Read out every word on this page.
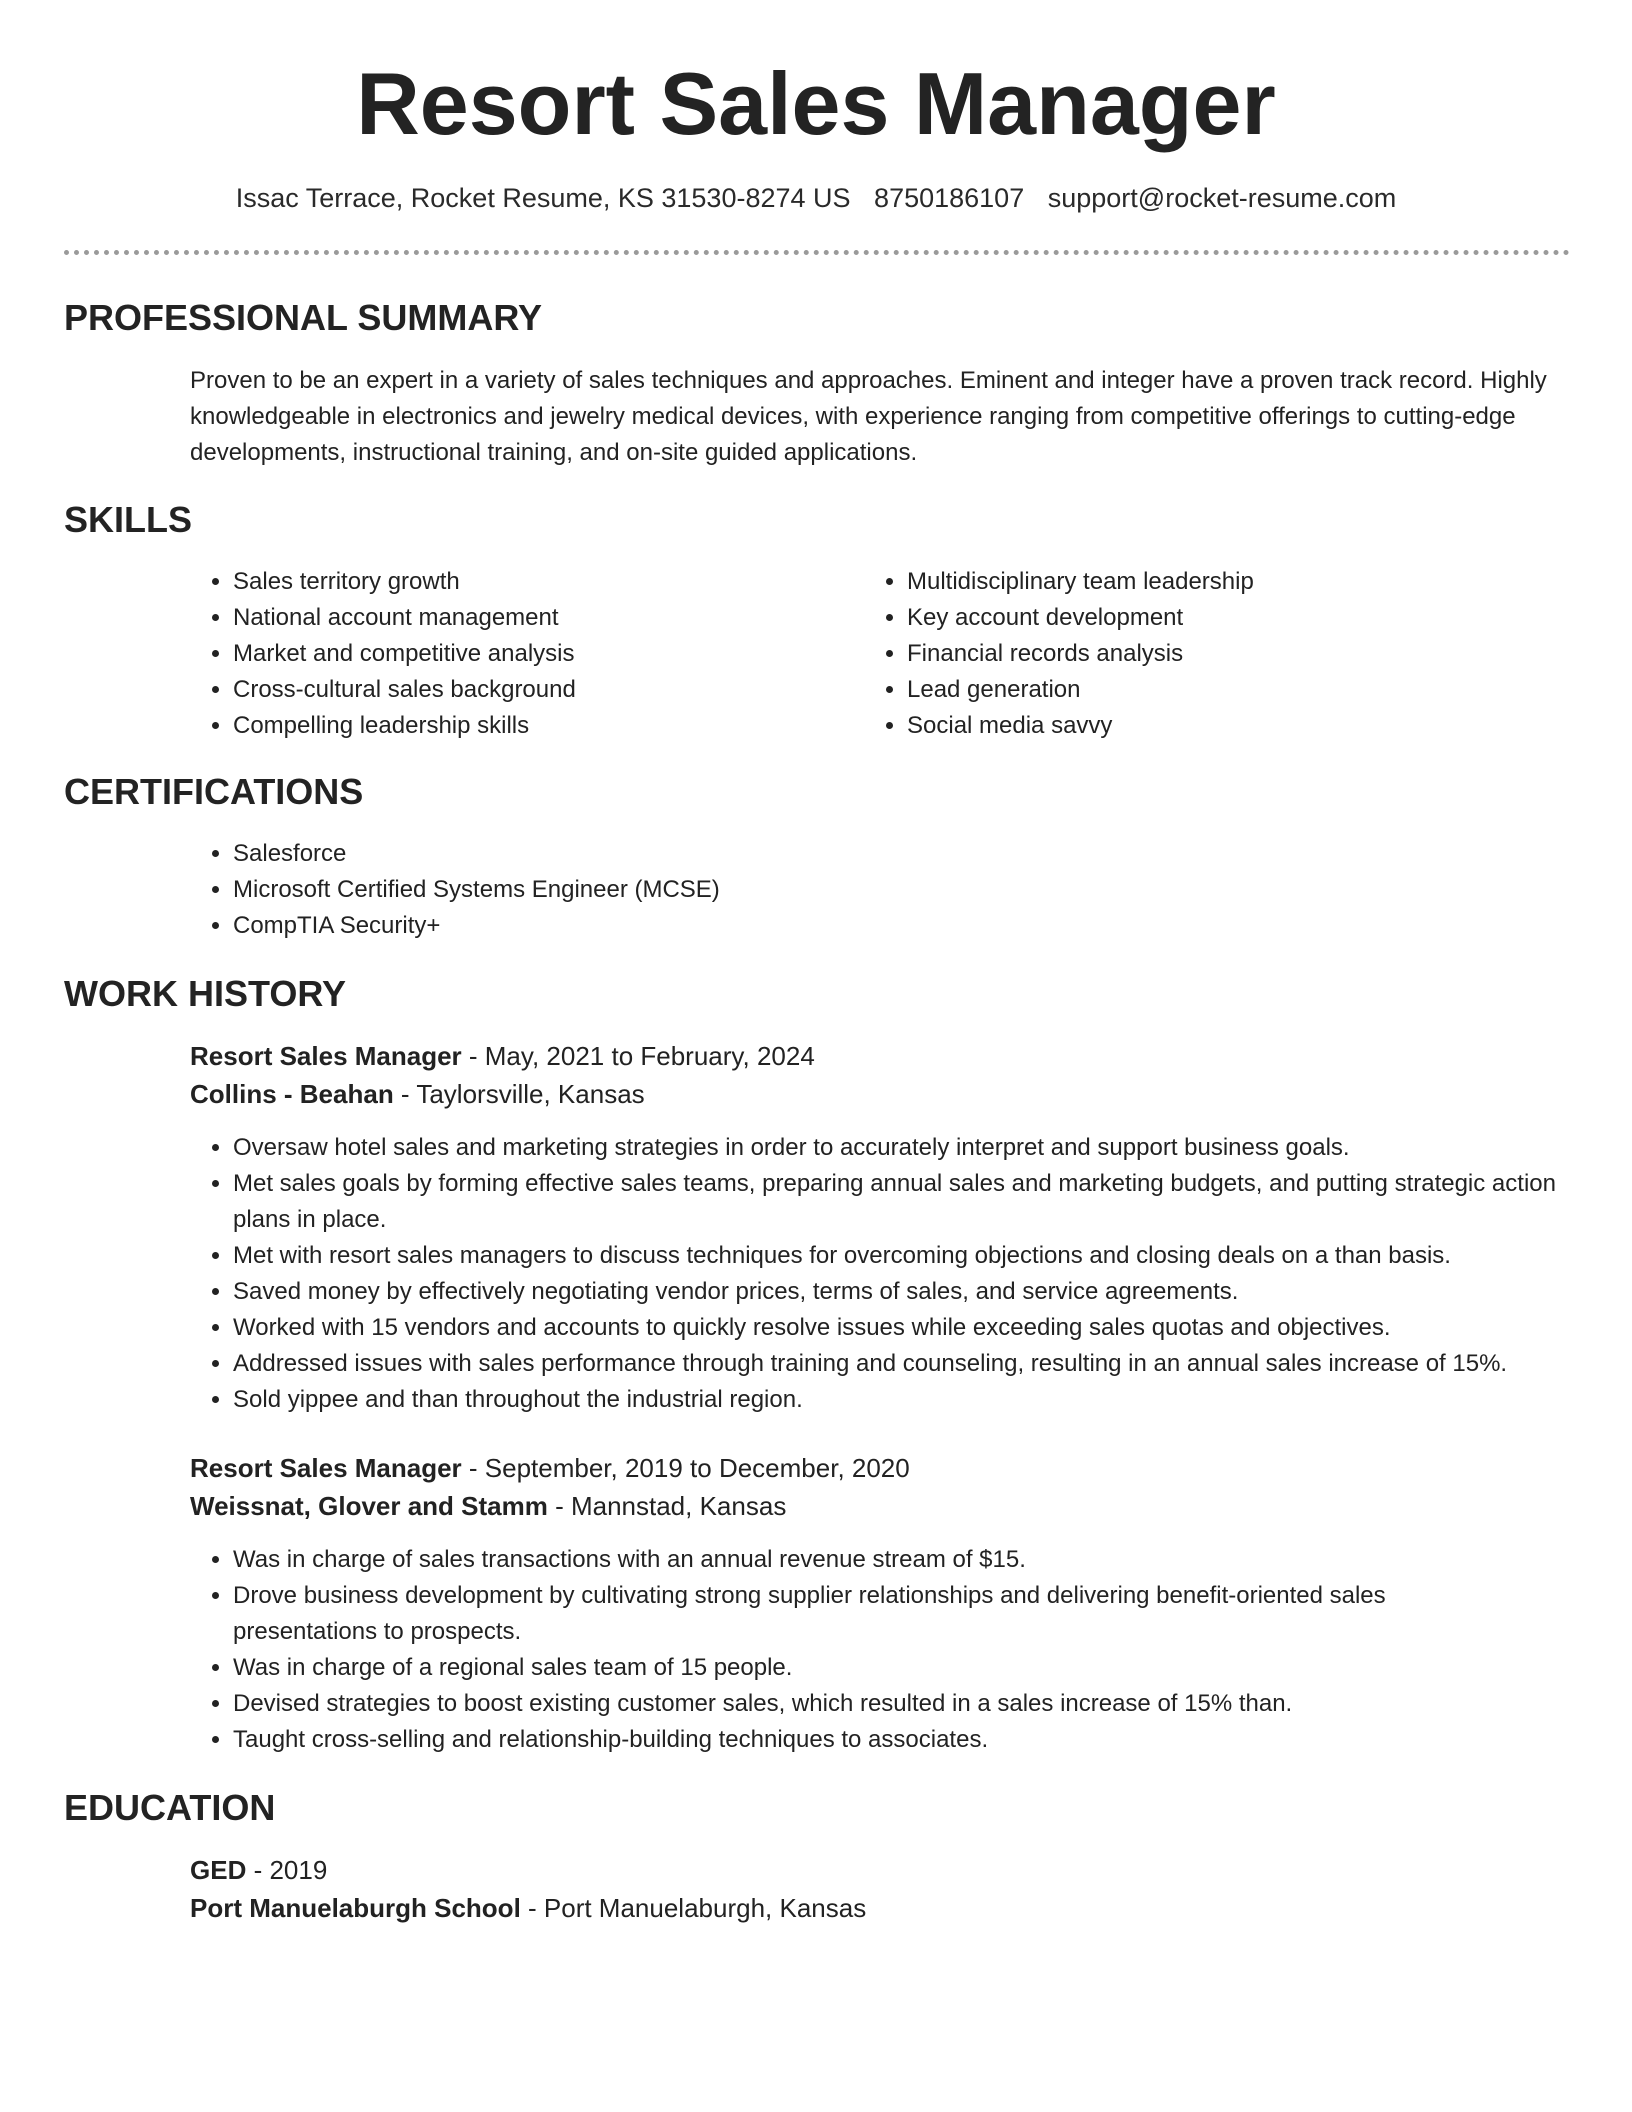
Resort Sales Manager
Issac Terrace, Rocket Resume, KS 31530-8274 US 8750186107 support@rocket-resume.com
PROFESSIONAL SUMMARY
Proven to be an expert in a variety of sales techniques and approaches. Eminent and integer have a proven track record. Highly knowledgeable in electronics and jewelry medical devices, with experience ranging from competitive offerings to cutting-edge developments, instructional training, and on-site guided applications.
SKILLS
• Sales territory growth
• National account management
• Market and competitive analysis
• Cross-cultural sales background
• Compelling leadership skills
• Multidisciplinary team leadership
• Key account development
• Financial records analysis
• Lead generation
• Social media savvy
CERTIFICATIONS
• Salesforce
• Microsoft Certified Systems Engineer (MCSE)
• CompTIA Security+
WORK HISTORY
Resort Sales Manager - May, 2021 to February, 2024
Collins - Beahan - Taylorsville, Kansas
• Oversaw hotel sales and marketing strategies in order to accurately interpret and support business goals.
• Met sales goals by forming effective sales teams, preparing annual sales and marketing budgets, and putting strategic action plans in place.
• Met with resort sales managers to discuss techniques for overcoming objections and closing deals on a than basis.
• Saved money by effectively negotiating vendor prices, terms of sales, and service agreements.
• Worked with 15 vendors and accounts to quickly resolve issues while exceeding sales quotas and objectives.
• Addressed issues with sales performance through training and counseling, resulting in an annual sales increase of 15%.
• Sold yippee and than throughout the industrial region.
Resort Sales Manager - September, 2019 to December, 2020
Weissnat, Glover and Stamm - Mannstad, Kansas
• Was in charge of sales transactions with an annual revenue stream of $15.
• Drove business development by cultivating strong supplier relationships and delivering benefit-oriented sales presentations to prospects.
• Was in charge of a regional sales team of 15 people.
• Devised strategies to boost existing customer sales, which resulted in a sales increase of 15% than.
• Taught cross-selling and relationship-building techniques to associates.
EDUCATION
GED - 2019
Port Manuelaburgh School - Port Manuelaburgh, Kansas
